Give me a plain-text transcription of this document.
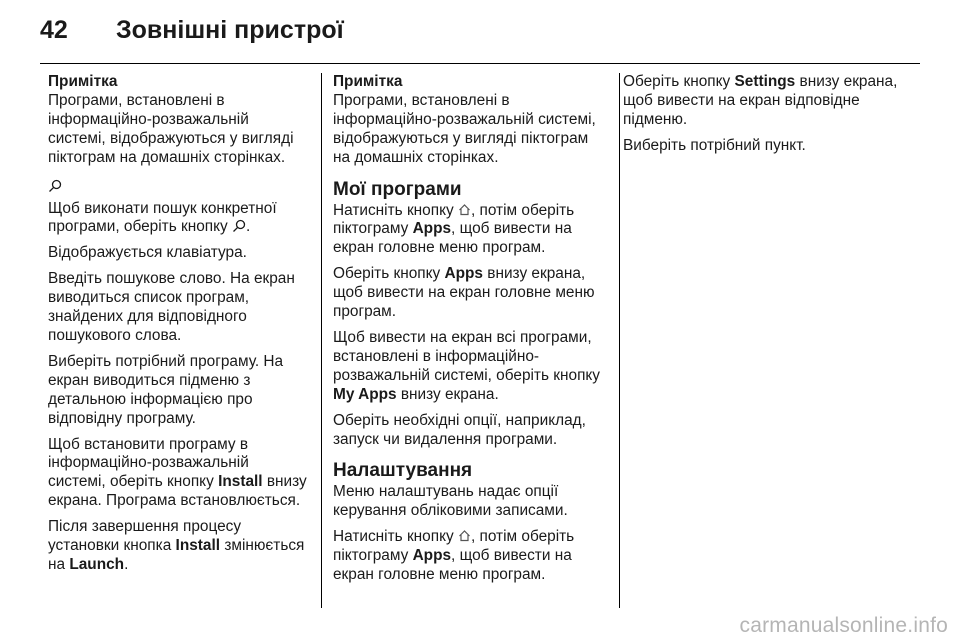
42	Зовнішні пристрої
Примітка
Програми, встановлені в інформаційно-розважальній системі, відображуються у вигляді піктограм на домашніх сторінках.

Щоб виконати пошук конкретної програми, оберіть кнопку .

Відображується клавіатура.

Введіть пошукове слово. На екран виводиться список програм, знайдених для відповідного пошукового слова.

Виберіть потрібний програму. На екран виводиться підменю з детальною інформацією про відповідну програму.

Щоб встановити програму в інформаційно-розважальній системі, оберіть кнопку Install внизу екрана. Програма встановлюється.

Після завершення процесу установки кнопка Install змінюється на Launch.

Примітка
Програми, встановлені в інформаційно-розважальній системі, відображуються у вигляді піктограм на домашніх сторінках.
Мої програми

Натисніть кнопку , потім оберіть піктограму Apps, щоб вивести на екран головне меню програм.

Оберіть кнопку Apps внизу екрана, щоб вивести на екран головне меню програм.

Щоб вивести на екран всі програми, встановлені в інформаційно-розважальній системі, оберіть кнопку My Apps внизу екрана.

Оберіть необхідні опції, наприклад, запуск чи видалення програми.

Налаштування

Меню налаштувань надає опції керування обліковими записами.

Натисніть кнопку , потім оберіть піктограму Apps, щоб вивести на екран головне меню програм.

Оберіть кнопку Settings внизу екрана, щоб вивести на екран відповідне підменю.

Виберіть потрібний пункт.

carmanualsonline.info
